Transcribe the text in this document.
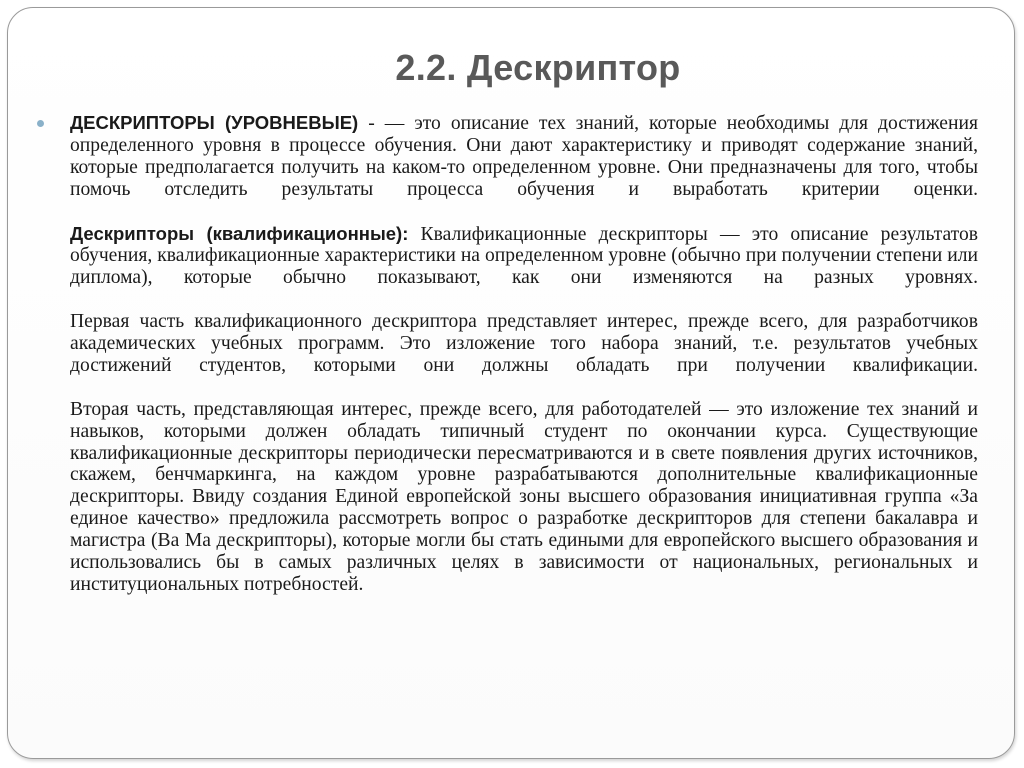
2.2. Дескриптор

ДЕСКРИПТОРЫ (УРОВНЕВЫЕ) - — это описание тех знаний, которые необходимы для достижения определенного уровня в процессе обучения. Они дают характеристику и приводят содержание знаний, которые предполагается получить на каком-то определенном уровне. Они предназначены для того, чтобы помочь отследить результаты процесса обучения и выработать критерии оценки.

Дескрипторы (квалификационные): Квалификационные дескрипторы — это описание результатов обучения, квалификационные характеристики на определенном уровне (обычно при получении степени или диплома), которые обычно показывают, как они изменяются на разных уровнях.

Первая часть квалификационного дескриптора представляет интерес, прежде всего, для разработчиков академических учебных программ. Это изложение того набора знаний, т.е. результатов учебных достижений студентов, которыми они должны обладать при получении квалификации.

Вторая часть, представляющая интерес, прежде всего, для работодателей — это изложение тех знаний и навыков, которыми должен обладать типичный студент по окончании курса. Существующие квалификационные дескрипторы периодически пересматриваются и в свете появления других источников, скажем, бенчмаркинга, на каждом уровне разрабатываются дополнительные квалификационные дескрипторы. Ввиду создания Единой европейской зоны высшего образования инициативная группа «За единое качество» предложила рассмотреть вопрос о разработке дескрипторов для степени бакалавра и магистра (Ва Ма дескрипторы), которые могли бы стать едиными для европейского высшего образования и использовались бы в самых различных целях в зависимости от национальных, региональных и институциональных потребностей.
